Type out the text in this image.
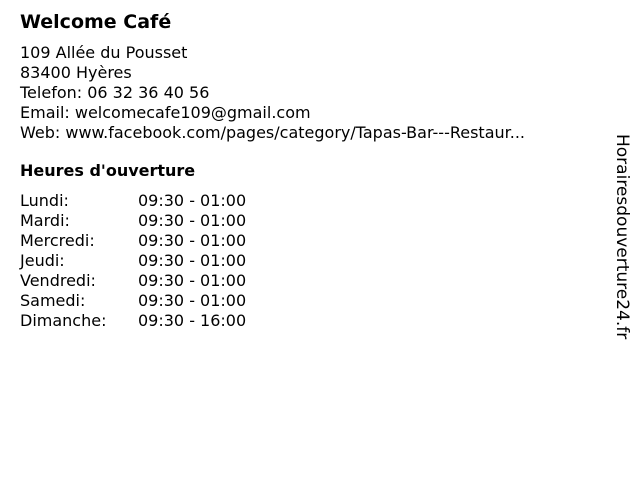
Welcome Café
109 Allée du Pousset
83400 Hyères
Telefon: 06 32 36 40 56
Email: welcomecafe109@gmail.com
Web: www.facebook.com/pages/category/Tapas-Bar---Restaur...
Heures d'ouverture
Lundi:	09:30 - 01:00
Mardi:	09:30 - 01:00
Mercredi:	09:30 - 01:00
Jeudi:	09:30 - 01:00
Vendredi:	09:30 - 01:00
Samedi:	09:30 - 01:00
Dimanche:	09:30 - 16:00	Horairesdouverture24.fr
